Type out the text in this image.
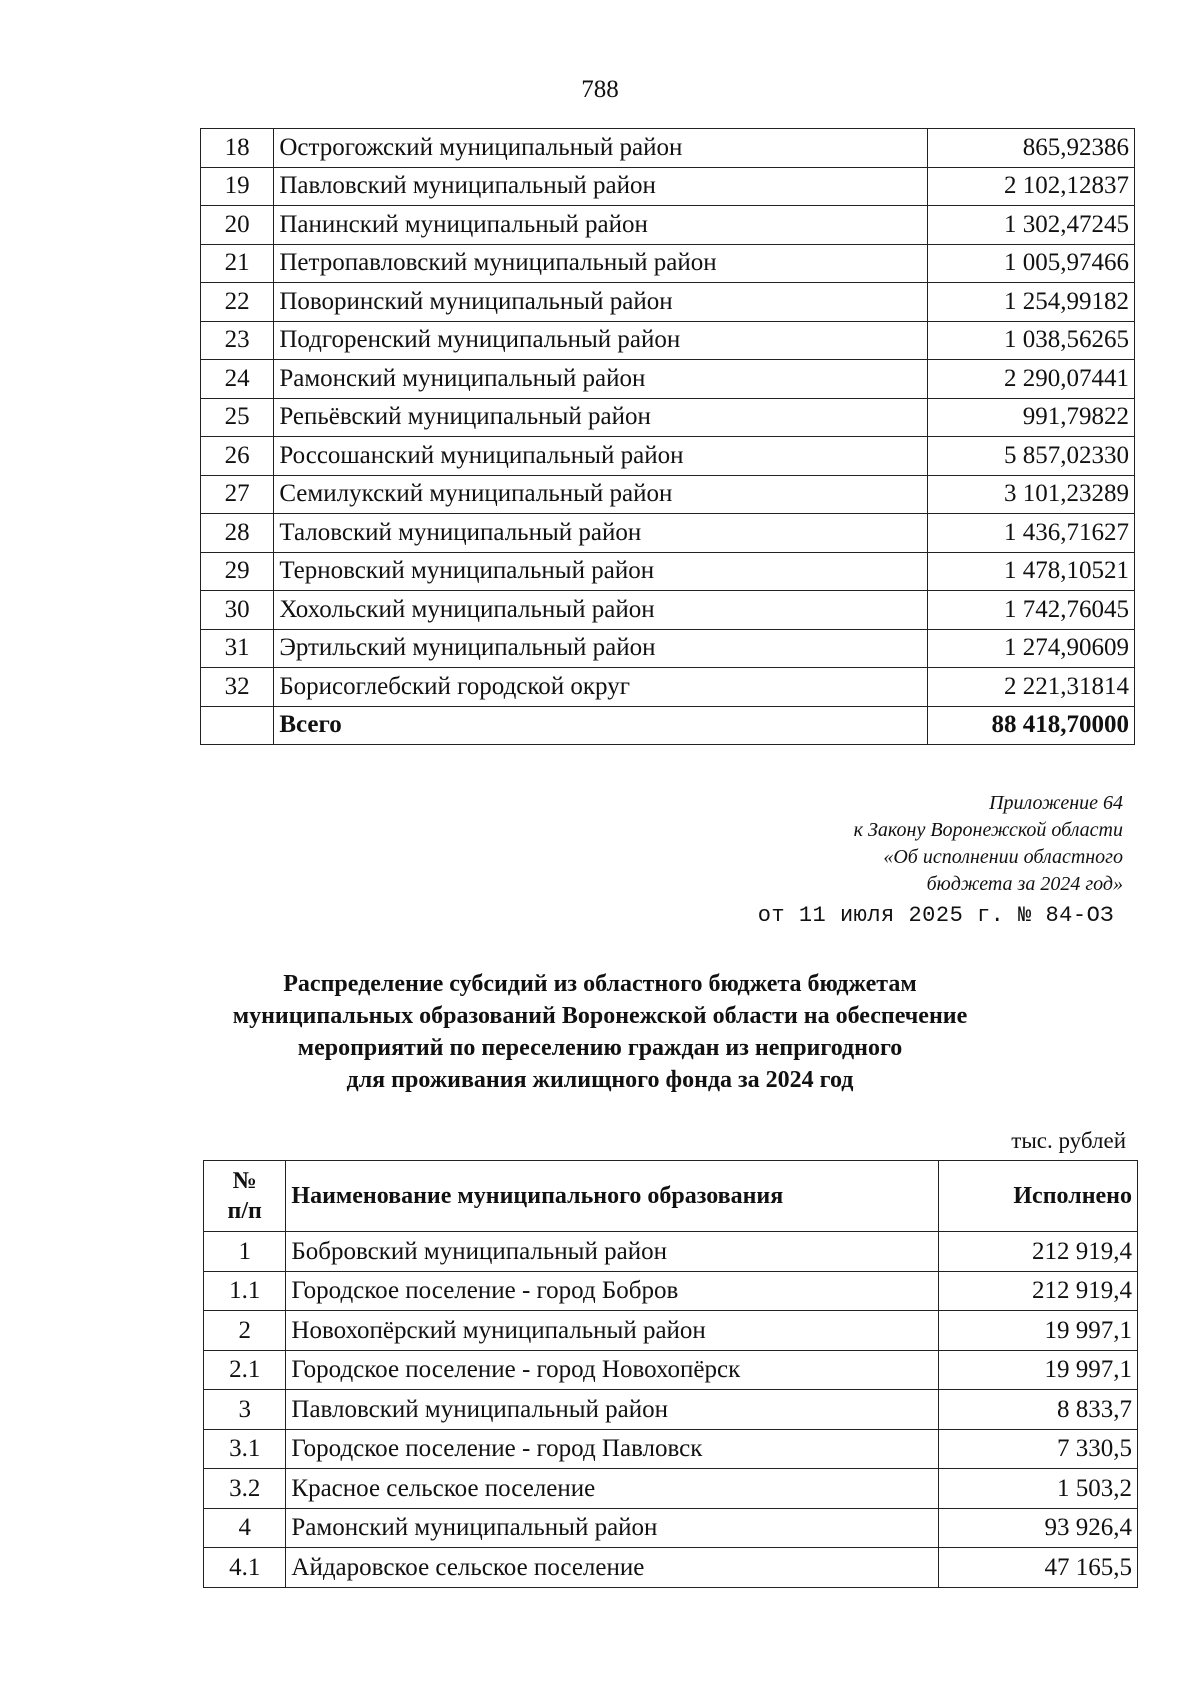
788
18	Острогожский муниципальный район	865,92386
19	Павловский муниципальный район	2 102,12837
20	Панинский муниципальный район	1 302,47245
21	Петропавловский муниципальный район	1 005,97466
22	Поворинский муниципальный район	1 254,99182
23	Подгоренский муниципальный район	1 038,56265
24	Рамонский муниципальный район	2 290,07441
25	Репьёвский муниципальный район	991,79822
26	Россошанский муниципальный район	5 857,02330
27	Семилукский муниципальный район	3 101,23289
28	Таловский муниципальный район	1 436,71627
29	Терновский муниципальный район	1 478,10521
30	Хохольский муниципальный район	1 742,76045
31	Эртильский муниципальный район	1 274,90609
32	Борисоглебский городской округ	2 221,31814
	Всего	88 418,70000
Приложение 64
к Закону Воронежской области
«Об исполнении областного
бюджета за 2024 год»
от 11 июля 2025 г. № 84-ОЗ
Распределение субсидий из областного бюджета бюджетам
муниципальных образований Воронежской области на обеспечение
мероприятий по переселению граждан из непригодного
для проживания жилищного фонда за 2024 год
тыс. рублей
№
п/п	Наименование муниципального образования	Исполнено
1	Бобровский муниципальный район	212 919,4
1.1	Городское поселение - город Бобров	212 919,4
2	Новохопёрский муниципальный район	19 997,1
2.1	Городское поселение - город Новохопёрск	19 997,1
3	Павловский муниципальный район	8 833,7
3.1	Городское поселение - город Павловск	7 330,5
3.2	Красное сельское поселение	1 503,2
4	Рамонский муниципальный район	93 926,4
4.1	Айдаровское сельское поселение	47 165,5
